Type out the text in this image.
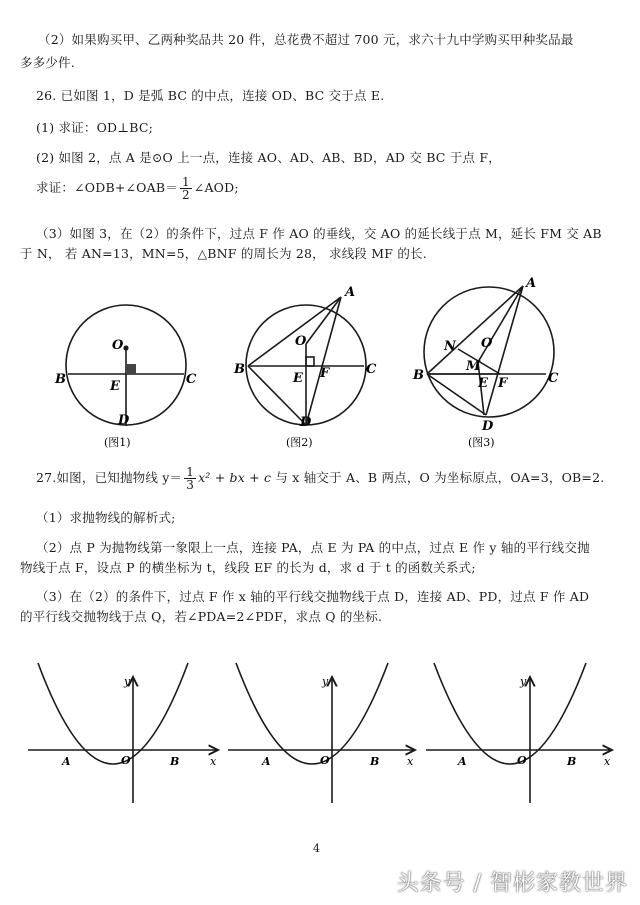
（2）如果购买甲、乙两种奖品共 20 件，总花费不超过 700 元，求六十九中学购买甲种奖品最
多多少件.
26. 已如图 1，D 是弧 BC 的中点，连接 OD、BC 交于点 E.
(1) 求证：OD⊥BC;
(2) 如图 2，点 A 是⊙O 上一点，连接 AO、AD、AB、BD，AD 交 BC 于点 F，
求证：∠ODB+∠OAB＝ $\frac{1}{2}$ ∠AOD;
（3）如图 3，在（2）的条件下，过点 F 作 AO 的垂线，交 AO 的延长线于点 M，延长 FM 交 AB
于 N， 若 AN=13，MN=5，△BNF 的周长为 28， 求线段 MF 的长.
O
B	C
E
D
(图1)
A
O
B	C
E F
D
(图2)
A
N O
M
B	C
E F
D
(图3)
27.如图，已知抛物线 $y= \frac{1}{3} x^2$ + bx + c 与 x 轴交于 A、B 两点，O 为坐标原点，OA=3，OB=2.
（1）求抛物线的解析式;
（2）点 P 为抛物线第一象限上一点，连接 PA，点 E 为 PA 的中点，过点 E 作 y 轴的平行线交抛
物线于点 F，设点 P 的横坐标为 t，线段 EF 的长为 d，求 d 于 t 的函数关系式;
（3）在（2）的条件下，过点 F 作 x 轴的平行线交抛物线于点 D，连接 AD、PD，过点 F 作 AD
的平行线交抛物线于点 Q，若∠PDA=2∠PDF，求点 Q 的坐标.
y
x
A	O	B
y
x
A	O	B
y
x
A	O	B
4
头条号 / 智彬家教世界
